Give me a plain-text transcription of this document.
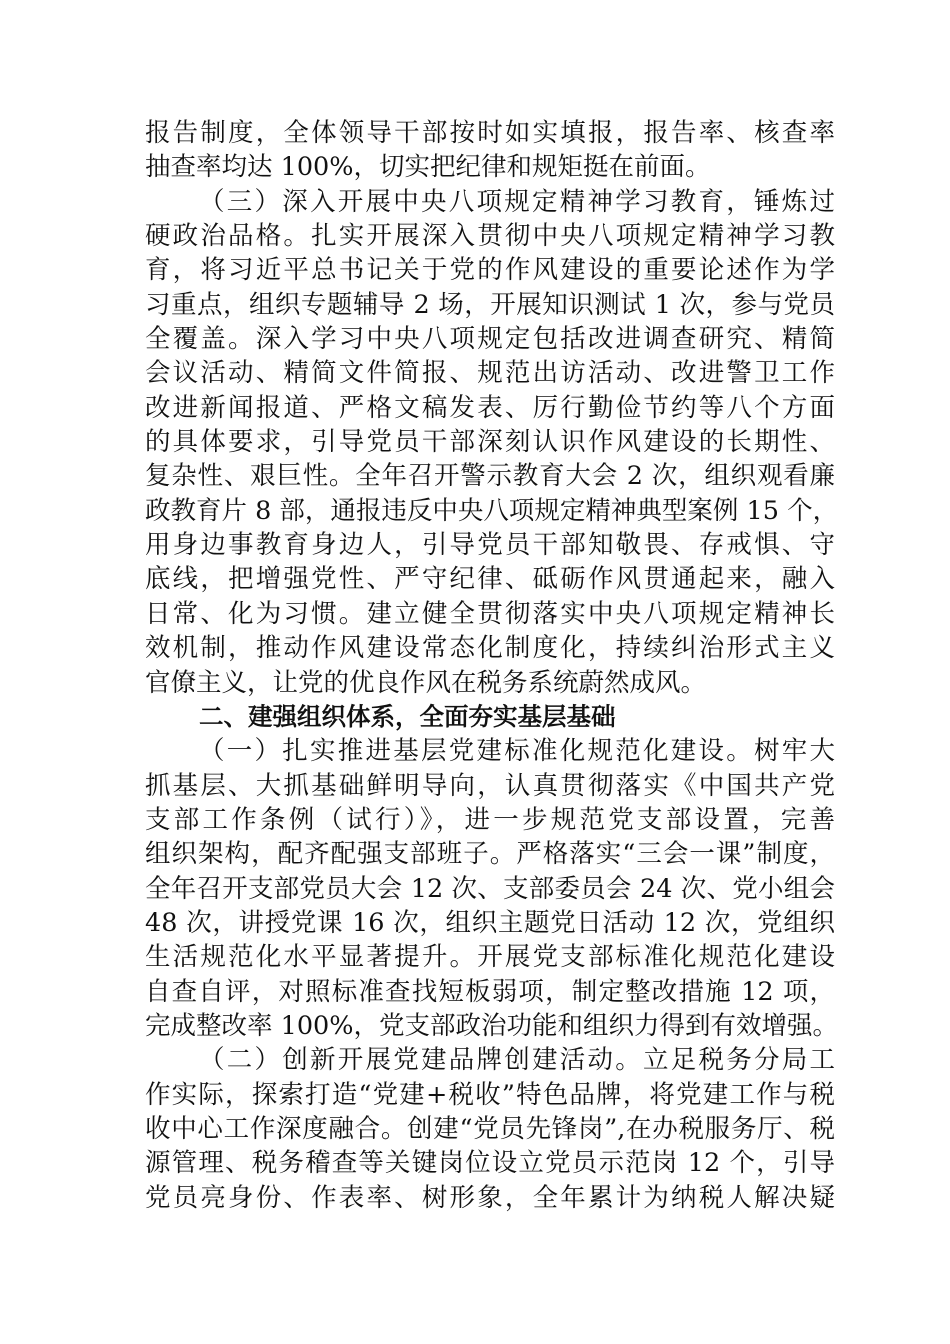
报告制度，全体领导干部按时如实填报，报告率、核查率
抽查率均达 100%，切实把纪律和规矩挺在前面。
（三）深入开展中央八项规定精神学习教育，锤炼过
硬政治品格。扎实开展深入贯彻中央八项规定精神学习教
育，将习近平总书记关于党的作风建设的重要论述作为学
习重点，组织专题辅导 2 场，开展知识测试 1 次，参与党员
全覆盖。深入学习中央八项规定包括改进调查研究、精简
会议活动、精简文件简报、规范出访活动、改进警卫工作
改进新闻报道、严格文稿发表、厉行勤俭节约等八个方面
的具体要求，引导党员干部深刻认识作风建设的长期性、
复杂性、艰巨性。全年召开警示教育大会 2 次，组织观看廉
政教育片 8 部，通报违反中央八项规定精神典型案例 15 个，
用身边事教育身边人，引导党员干部知敬畏、存戒惧、守
底线，把增强党性、严守纪律、砥砺作风贯通起来，融入
日常、化为习惯。建立健全贯彻落实中央八项规定精神长
效机制，推动作风建设常态化制度化，持续纠治形式主义
官僚主义，让党的优良作风在税务系统蔚然成风。
二、建强组织体系，全面夯实基层基础
（一）扎实推进基层党建标准化规范化建设。树牢大
抓基层、大抓基础鲜明导向，认真贯彻落实《中国共产党
支部工作条例（试行）》，进一步规范党支部设置，完善
组织架构，配齐配强支部班子。严格落实“三会一课”制度，
全年召开支部党员大会 12 次、支部委员会 24 次、党小组会
48 次，讲授党课 16 次，组织主题党日活动 12 次，党组织
生活规范化水平显著提升。开展党支部标准化规范化建设
自查自评，对照标准查找短板弱项，制定整改措施 12 项，
完成整改率 100%，党支部政治功能和组织力得到有效增强。
（二）创新开展党建品牌创建活动。立足税务分局工
作实际，探索打造“党建+税收”特色品牌，将党建工作与税
收中心工作深度融合。创建“党员先锋岗”,在办税服务厅、税
源管理、税务稽查等关键岗位设立党员示范岗 12 个，引导
党员亮身份、作表率、树形象，全年累计为纳税人解决疑
